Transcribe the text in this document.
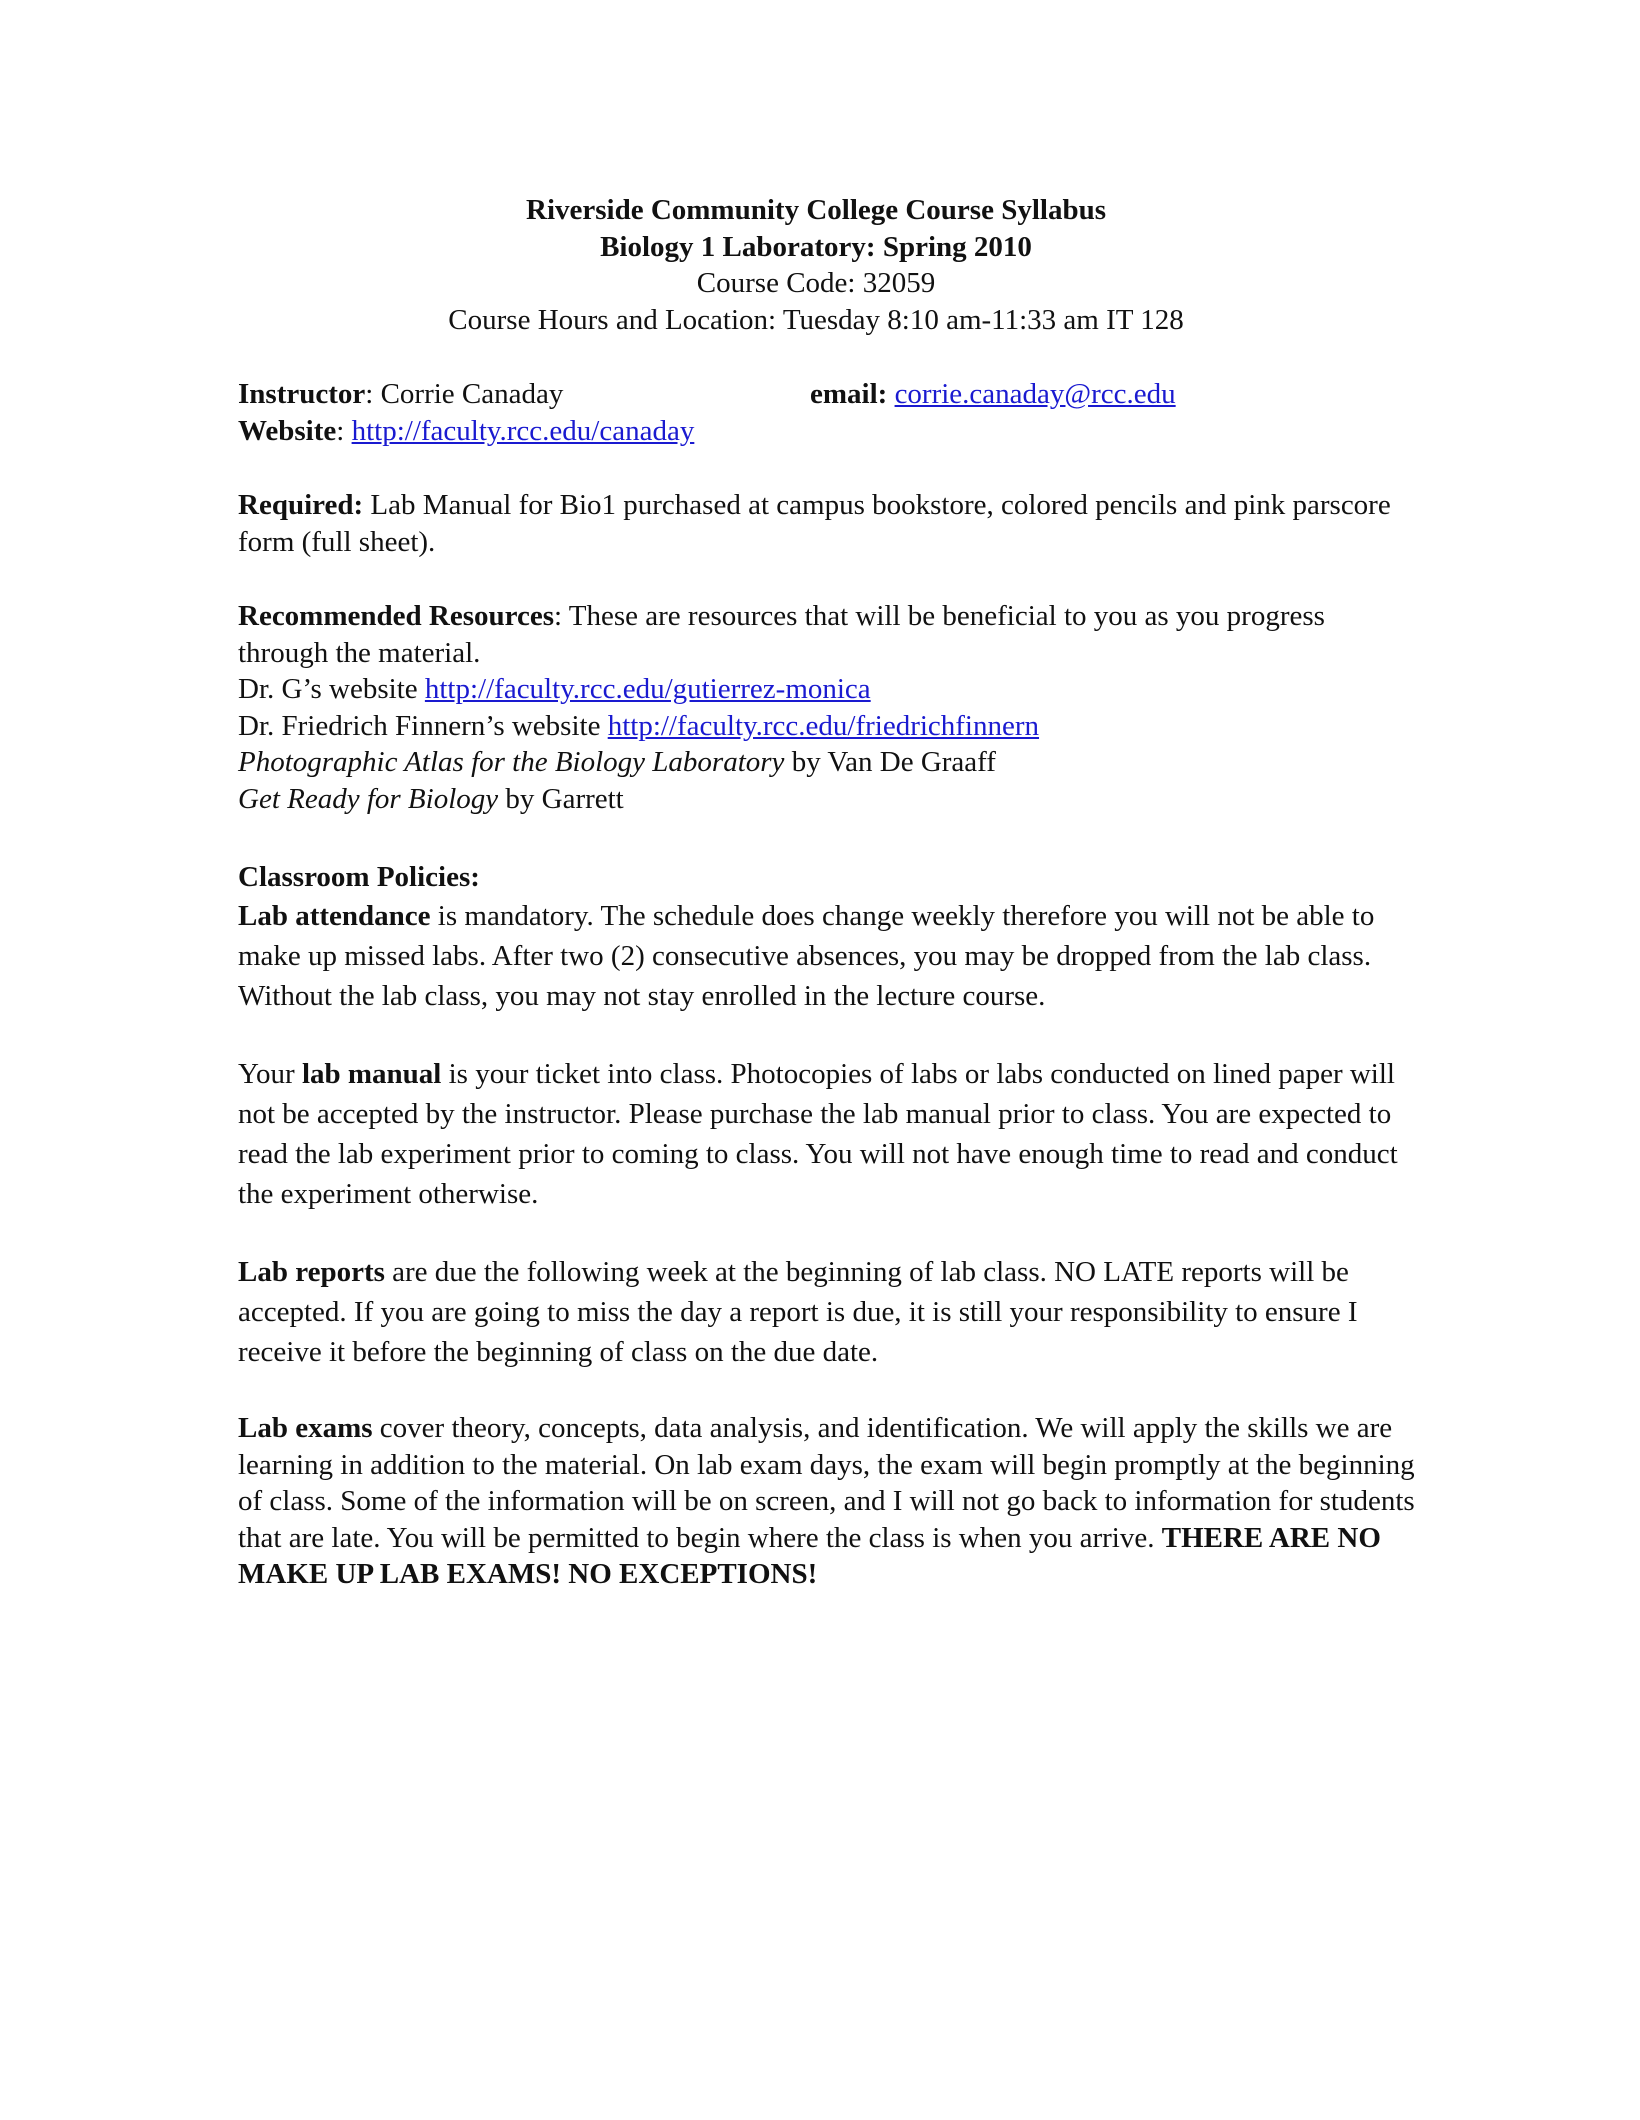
Riverside Community College Course Syllabus
Biology 1 Laboratory: Spring 2010
Course Code: 32059
Course Hours and Location: Tuesday 8:10 am-11:33 am IT 128
Instructor: Corrie Canaday	email: corrie.canaday@rcc.edu
Website: http://faculty.rcc.edu/canaday

Required: Lab Manual for Bio1 purchased at campus bookstore, colored pencils and pink parscore form (full sheet).

Recommended Resources: These are resources that will be beneficial to you as you progress through the material.
Dr. G’s website http://faculty.rcc.edu/gutierrez-monica
Dr. Friedrich Finnern’s website http://faculty.rcc.edu/friedrichfinnern
Photographic Atlas for the Biology Laboratory by Van De Graaff
Get Ready for Biology by Garrett
Classroom Policies:

Lab attendance is mandatory. The schedule does change weekly therefore you will not be able to make up missed labs. After two (2) consecutive absences, you may be dropped from the lab class. Without the lab class, you may not stay enrolled in the lecture course.

Your lab manual is your ticket into class. Photocopies of labs or labs conducted on lined paper will not be accepted by the instructor. Please purchase the lab manual prior to class. You are expected to read the lab experiment prior to coming to class. You will not have enough time to read and conduct the experiment otherwise.

Lab reports are due the following week at the beginning of lab class. NO LATE reports will be accepted. If you are going to miss the day a report is due, it is still your responsibility to ensure I receive it before the beginning of class on the due date.

Lab exams cover theory, concepts, data analysis, and identification. We will apply the skills we are learning in addition to the material. On lab exam days, the exam will begin promptly at the beginning of class. Some of the information will be on screen, and I will not go back to information for students that are late. You will be permitted to begin where the class is when you arrive. THERE ARE NO MAKE UP LAB EXAMS! NO EXCEPTIONS!
